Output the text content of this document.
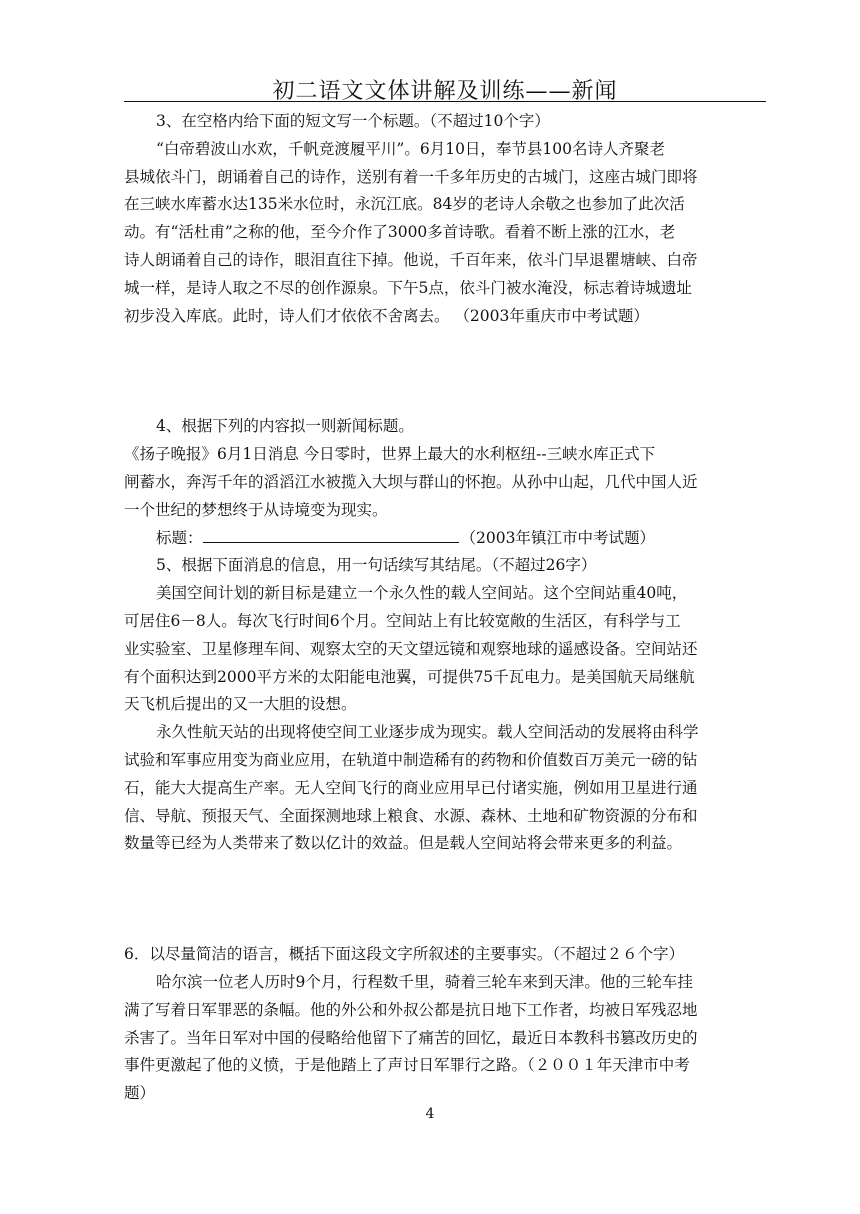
初二语文文体讲解及训练——新闻
3、在空格内给下面的短文写一个标题。（不超过10个字）
“白帝碧波山水欢，千帆竞渡履平川”。6月10日，奉节县100名诗人齐聚老
县城依斗门，朗诵着自己的诗作，送别有着一千多年历史的古城门，这座古城门即将
在三峡水库蓄水达135米水位时，永沉江底。84岁的老诗人余敬之也参加了此次活
动。有“活杜甫”之称的他，至今介作了3000多首诗歌。看着不断上涨的江水，老
诗人朗诵着自己的诗作，眼泪直往下掉。他说，千百年来，依斗门早退瞿塘峡、白帝
城一样，是诗人取之不尽的创作源泉。下午5点，依斗门被水淹没，标志着诗城遗址
初步没入库底。此时，诗人们才依依不舍离去。 （2003年重庆市中考试题）
4、根据下列的内容拟一则新闻标题。
《扬子晚报》6月1日消息 今日零时，世界上最大的水利枢纽--三峡水库正式下
闸蓄水，奔泻千年的滔滔江水被揽入大坝与群山的怀抱。从孙中山起，几代中国人近
一个世纪的梦想终于从诗境变为现实。
标题：	（2003年镇江市中考试题）
5、根据下面消息的信息，用一句话续写其结尾。（不超过26字）
美国空间计划的新目标是建立一个永久性的载人空间站。这个空间站重40吨，
可居住6－8人。每次飞行时间6个月。空间站上有比较宽敞的生活区，有科学与工
业实验室、卫星修理车间、观察太空的天文望远镜和观察地球的遥感设备。空间站还
有个面积达到2000平方米的太阳能电池翼，可提供75千瓦电力。是美国航天局继航
天飞机后提出的又一大胆的设想。
永久性航天站的出现将使空间工业逐步成为现实。载人空间活动的发展将由科学
试验和军事应用变为商业应用，在轨道中制造稀有的药物和价值数百万美元一磅的钻
石，能大大提高生产率。无人空间飞行的商业应用早已付诸实施，例如用卫星进行通
信、导航、预报天气、全面探测地球上粮食、水源、森林、土地和矿物资源的分布和
数量等已经为人类带来了数以亿计的效益。但是载人空间站将会带来更多的利益。
6．以尽量简洁的语言，概括下面这段文字所叙述的主要事实。（不超过２６个字）
哈尔滨一位老人历时9个月，行程数千里，骑着三轮车来到天津。他的三轮车挂
满了写着日军罪恶的条幅。他的外公和外叔公都是抗日地下工作者，均被日军残忍地
杀害了。当年日军对中国的侵略给他留下了痛苦的回忆，最近日本教科书篡改历史的
事件更激起了他的义愤，于是他踏上了声讨日军罪行之路。（２００１年天津市中考
题）
4
